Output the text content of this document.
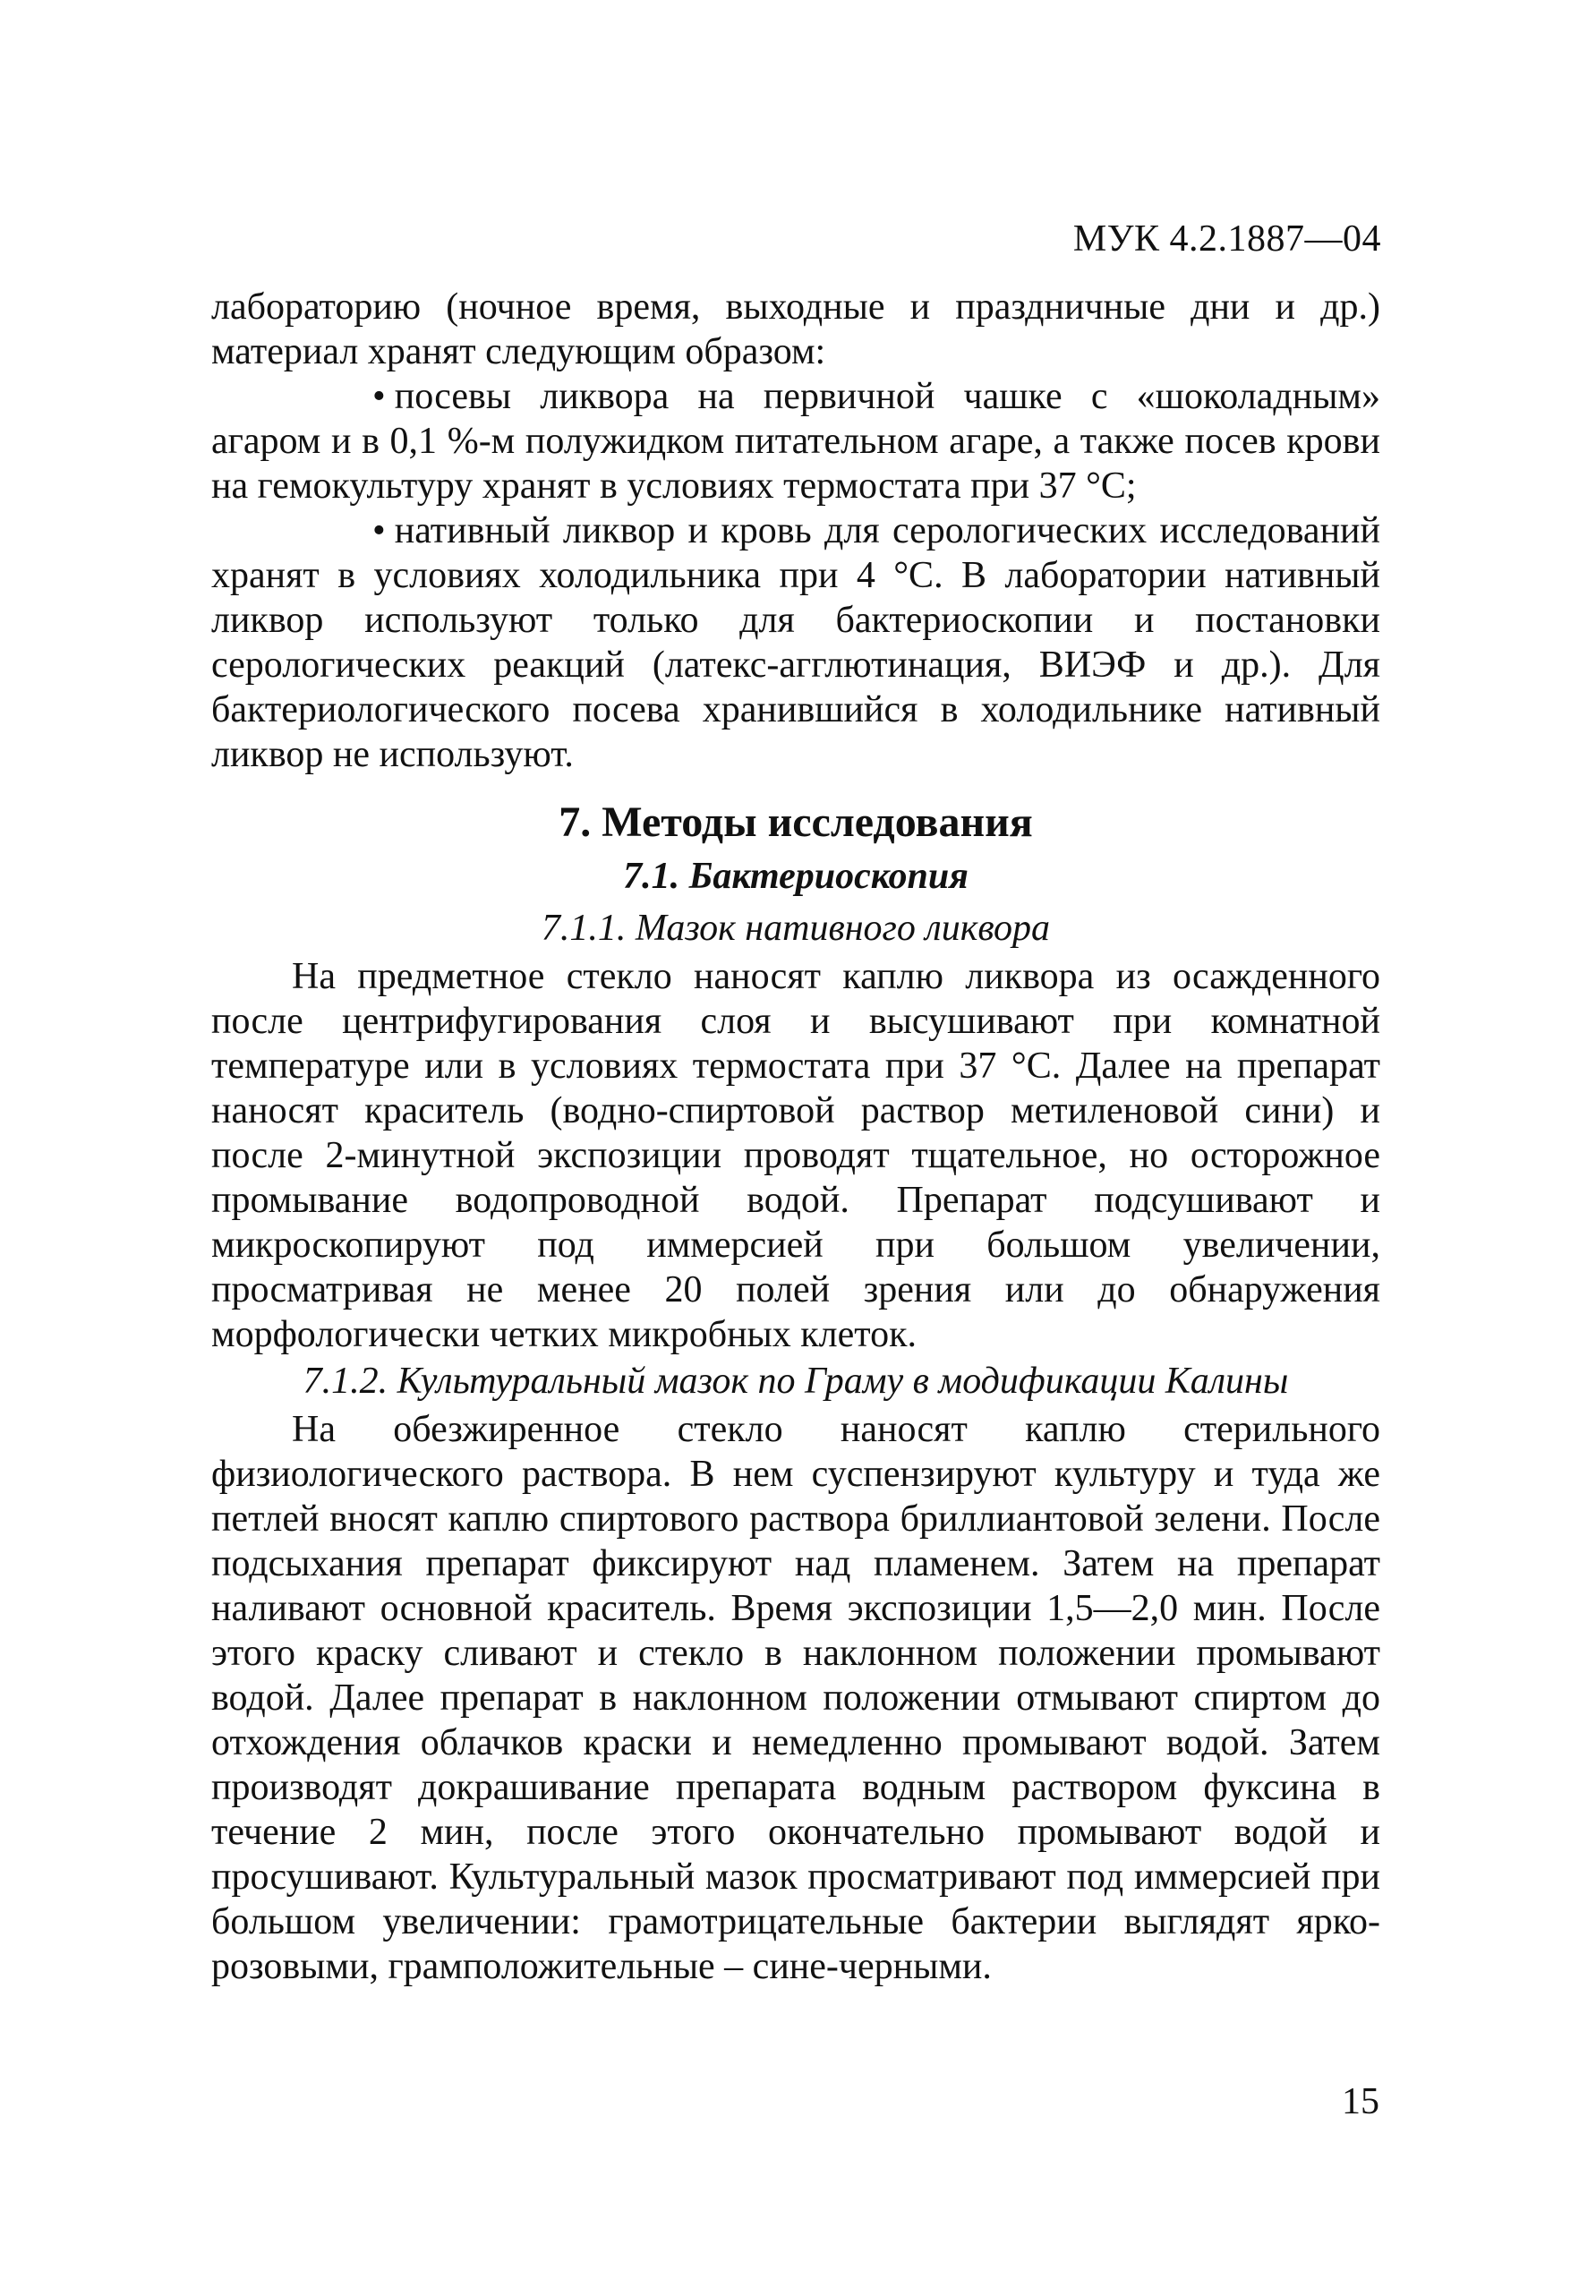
МУК 4.2.1887—04

лабораторию (ночное время, выходные и праздничные дни и др.) материал хранят следующим образом:

• посевы ликвора на первичной чашке с «шоколадным» агаром и в 0,1 %-м полужидком питательном агаре, а также посев крови на гемокультуру хранят в условиях термостата при 37 °C;

• нативный ликвор и кровь для серологических исследований хранят в условиях холодильника при 4 °C. В лаборатории нативный ликвор используют только для бактериоскопии и постановки серологических реакций (латекс-агглютинация, ВИЭФ и др.). Для бактериологического посева хранившийся в холодильнике нативный ликвор не используют.

7. Методы исследования

7.1. Бактериоскопия

7.1.1. Мазок нативного ликвора

На предметное стекло наносят каплю ликвора из осажденного после центрифугирования слоя и высушивают при комнатной температуре или в условиях термостата при 37 °C. Далее на препарат наносят краситель (водно-спиртовой раствор метиленовой сини) и после 2-минутной экспозиции проводят тщательное, но осторожное промывание водопроводной водой. Препарат подсушивают и микроскопируют под иммерсией при большом увеличении, просматривая не менее 20 полей зрения или до обнаружения морфологически четких микробных клеток.

7.1.2. Культуральный мазок по Граму в модификации Калины

На обезжиренное стекло наносят каплю стерильного физиологического раствора. В нем суспензируют культуру и туда же петлей вносят каплю спиртового раствора бриллиантовой зелени. После подсыхания препарат фиксируют над пламенем. Затем на препарат наливают основной краситель. Время экспозиции 1,5—2,0 мин. После этого краску сливают и стекло в наклонном положении промывают водой. Далее препарат в наклонном положении отмывают спиртом до отхождения облачков краски и немедленно промывают водой. Затем производят докрашивание препарата водным раствором фуксина в течение 2 мин, после этого окончательно промывают водой и просушивают. Культуральный мазок просматривают под иммерсией при большом увеличении: грамотрицательные бактерии выглядят ярко-розовыми, грамположительные – сине-черными.

15
